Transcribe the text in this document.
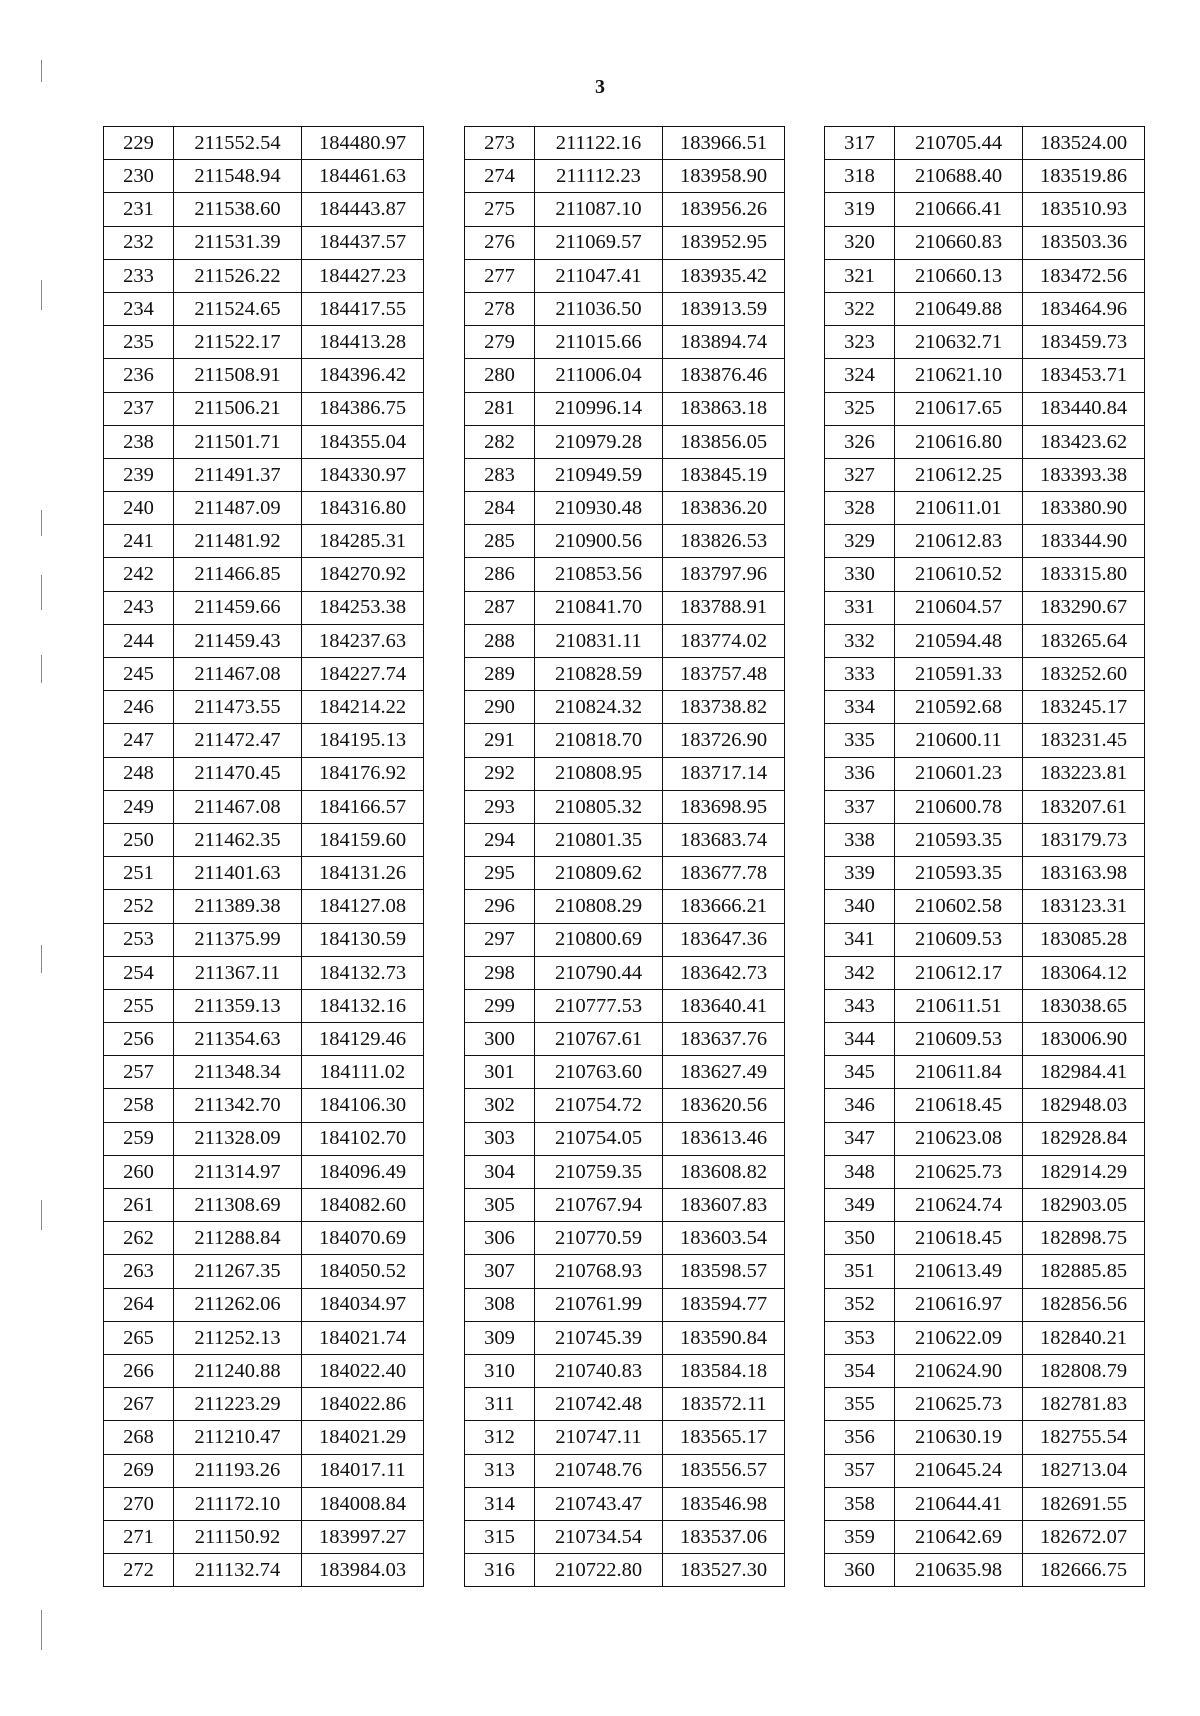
3
229	211552.54	184480.97
230	211548.94	184461.63
231	211538.60	184443.87
232	211531.39	184437.57
233	211526.22	184427.23
234	211524.65	184417.55
235	211522.17	184413.28
236	211508.91	184396.42
237	211506.21	184386.75
238	211501.71	184355.04
239	211491.37	184330.97
240	211487.09	184316.80
241	211481.92	184285.31
242	211466.85	184270.92
243	211459.66	184253.38
244	211459.43	184237.63
245	211467.08	184227.74
246	211473.55	184214.22
247	211472.47	184195.13
248	211470.45	184176.92
249	211467.08	184166.57
250	211462.35	184159.60
251	211401.63	184131.26
252	211389.38	184127.08
253	211375.99	184130.59
254	211367.11	184132.73
255	211359.13	184132.16
256	211354.63	184129.46
257	211348.34	184111.02
258	211342.70	184106.30
259	211328.09	184102.70
260	211314.97	184096.49
261	211308.69	184082.60
262	211288.84	184070.69
263	211267.35	184050.52
264	211262.06	184034.97
265	211252.13	184021.74
266	211240.88	184022.40
267	211223.29	184022.86
268	211210.47	184021.29
269	211193.26	184017.11
270	211172.10	184008.84
271	211150.92	183997.27
272	211132.74	183984.03
273	211122.16	183966.51
274	211112.23	183958.90
275	211087.10	183956.26
276	211069.57	183952.95
277	211047.41	183935.42
278	211036.50	183913.59
279	211015.66	183894.74
280	211006.04	183876.46
281	210996.14	183863.18
282	210979.28	183856.05
283	210949.59	183845.19
284	210930.48	183836.20
285	210900.56	183826.53
286	210853.56	183797.96
287	210841.70	183788.91
288	210831.11	183774.02
289	210828.59	183757.48
290	210824.32	183738.82
291	210818.70	183726.90
292	210808.95	183717.14
293	210805.32	183698.95
294	210801.35	183683.74
295	210809.62	183677.78
296	210808.29	183666.21
297	210800.69	183647.36
298	210790.44	183642.73
299	210777.53	183640.41
300	210767.61	183637.76
301	210763.60	183627.49
302	210754.72	183620.56
303	210754.05	183613.46
304	210759.35	183608.82
305	210767.94	183607.83
306	210770.59	183603.54
307	210768.93	183598.57
308	210761.99	183594.77
309	210745.39	183590.84
310	210740.83	183584.18
311	210742.48	183572.11
312	210747.11	183565.17
313	210748.76	183556.57
314	210743.47	183546.98
315	210734.54	183537.06
316	210722.80	183527.30
317	210705.44	183524.00
318	210688.40	183519.86
319	210666.41	183510.93
320	210660.83	183503.36
321	210660.13	183472.56
322	210649.88	183464.96
323	210632.71	183459.73
324	210621.10	183453.71
325	210617.65	183440.84
326	210616.80	183423.62
327	210612.25	183393.38
328	210611.01	183380.90
329	210612.83	183344.90
330	210610.52	183315.80
331	210604.57	183290.67
332	210594.48	183265.64
333	210591.33	183252.60
334	210592.68	183245.17
335	210600.11	183231.45
336	210601.23	183223.81
337	210600.78	183207.61
338	210593.35	183179.73
339	210593.35	183163.98
340	210602.58	183123.31
341	210609.53	183085.28
342	210612.17	183064.12
343	210611.51	183038.65
344	210609.53	183006.90
345	210611.84	182984.41
346	210618.45	182948.03
347	210623.08	182928.84
348	210625.73	182914.29
349	210624.74	182903.05
350	210618.45	182898.75
351	210613.49	182885.85
352	210616.97	182856.56
353	210622.09	182840.21
354	210624.90	182808.79
355	210625.73	182781.83
356	210630.19	182755.54
357	210645.24	182713.04
358	210644.41	182691.55
359	210642.69	182672.07
360	210635.98	182666.75
